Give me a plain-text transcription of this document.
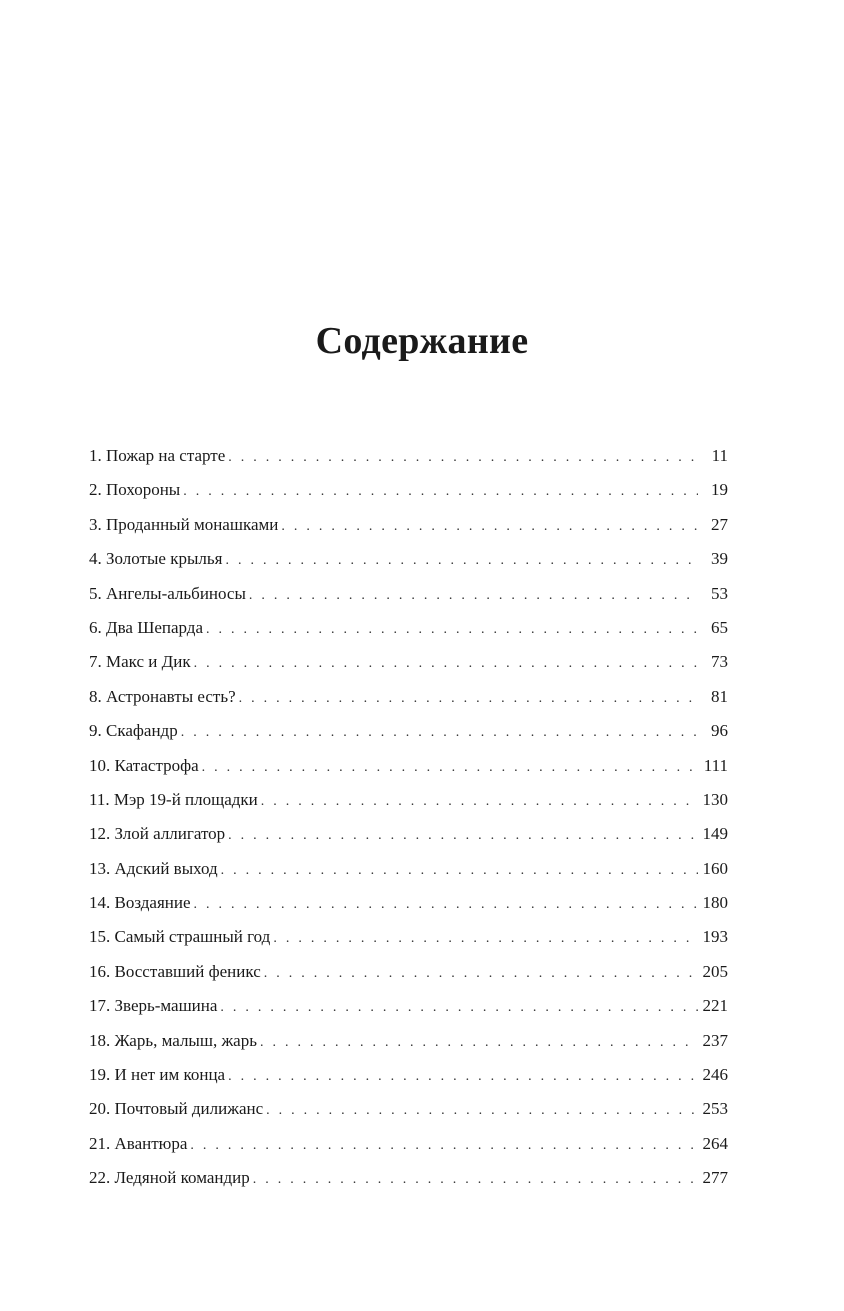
Содержание
1. Пожар на старте . . .	11
2. Похороны . . .	19
3. Проданный монашками . . .	27
4. Золотые крылья . . .	39
5. Ангелы-альбиносы . . .	53
6. Два Шепарда . . .	65
7. Макс и Дик . . .	73
8. Астронавты есть? . . .	81
9. Скафандр . . .	96
10. Катастрофа . . .	111
11. Мэр 19-й площадки . . .	130
12. Злой аллигатор . . .	149
13. Адский выход . . .	160
14. Воздаяние . . .	180
15. Самый страшный год . . .	193
16. Восставший феникс . . .	205
17. Зверь-машина . . .	221
18. Жарь, малыш, жарь . . .	237
19. И нет им конца . . .	246
20. Почтовый дилижанс . . .	253
21. Авантюра . . .	264
22. Ледяной командир . . .	277
